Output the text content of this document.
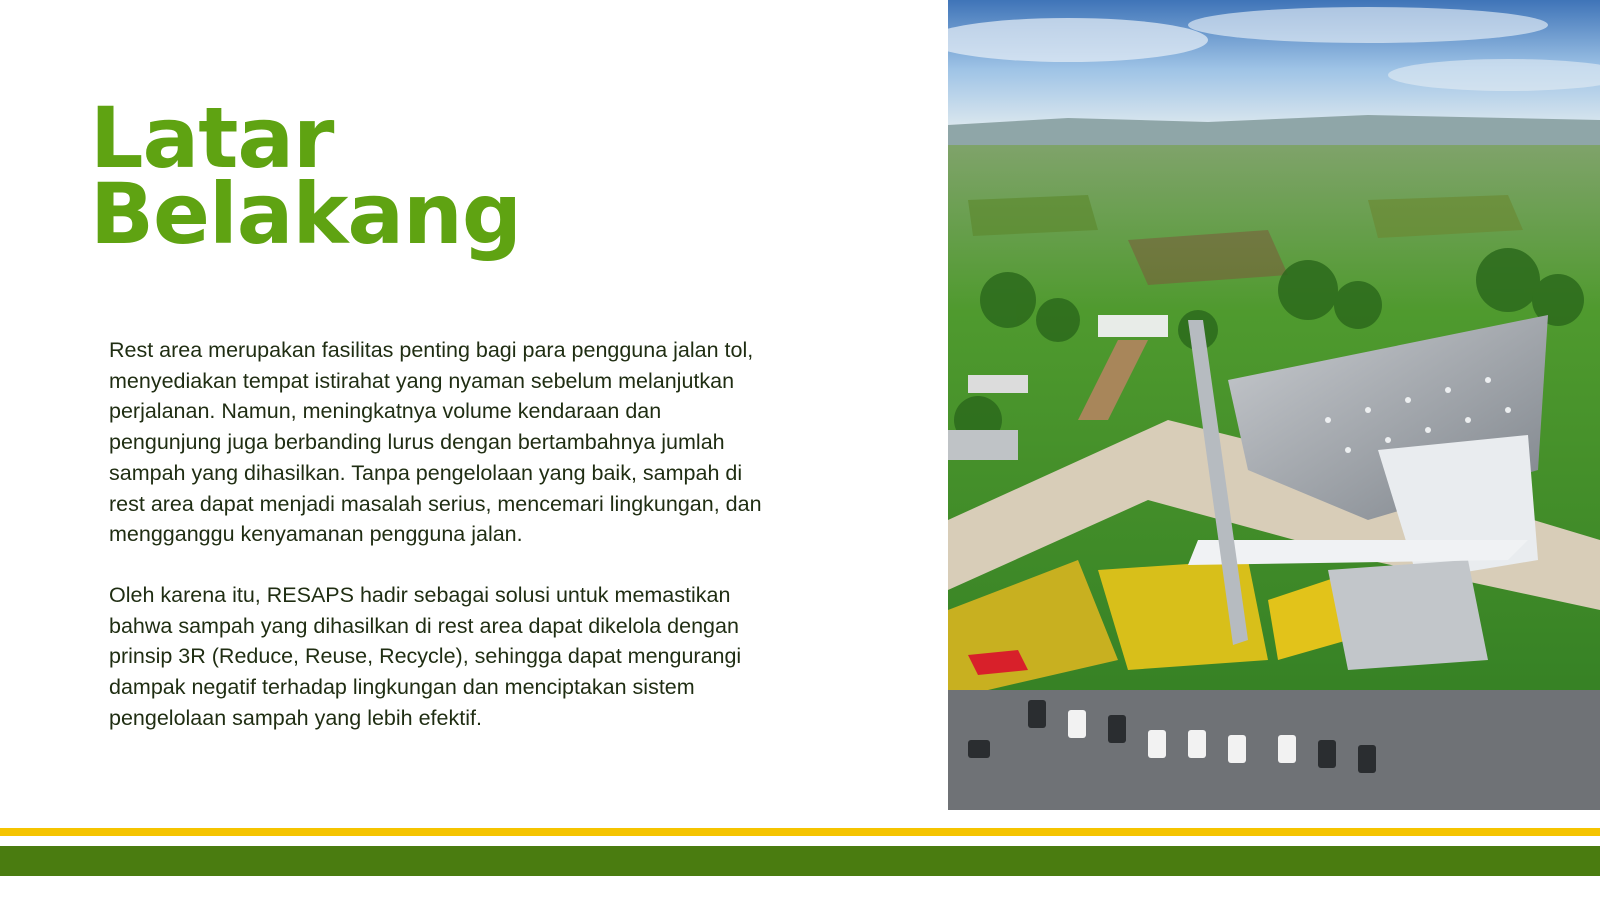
Latar
Belakang

Rest area merupakan fasilitas penting bagi para pengguna jalan tol,
menyediakan tempat istirahat yang nyaman sebelum melanjutkan
perjalanan. Namun, meningkatnya volume kendaraan dan
pengunjung juga berbanding lurus dengan bertambahnya jumlah
sampah yang dihasilkan. Tanpa pengelolaan yang baik, sampah di
rest area dapat menjadi masalah serius, mencemari lingkungan, dan
mengganggu kenyamanan pengguna jalan.

Oleh karena itu, RESAPS hadir sebagai solusi untuk memastikan
bahwa sampah yang dihasilkan di rest area dapat dikelola dengan
prinsip 3R (Reduce, Reuse, Recycle), sehingga dapat mengurangi
dampak negatif terhadap lingkungan dan menciptakan sistem
pengelolaan sampah yang lebih efektif.
